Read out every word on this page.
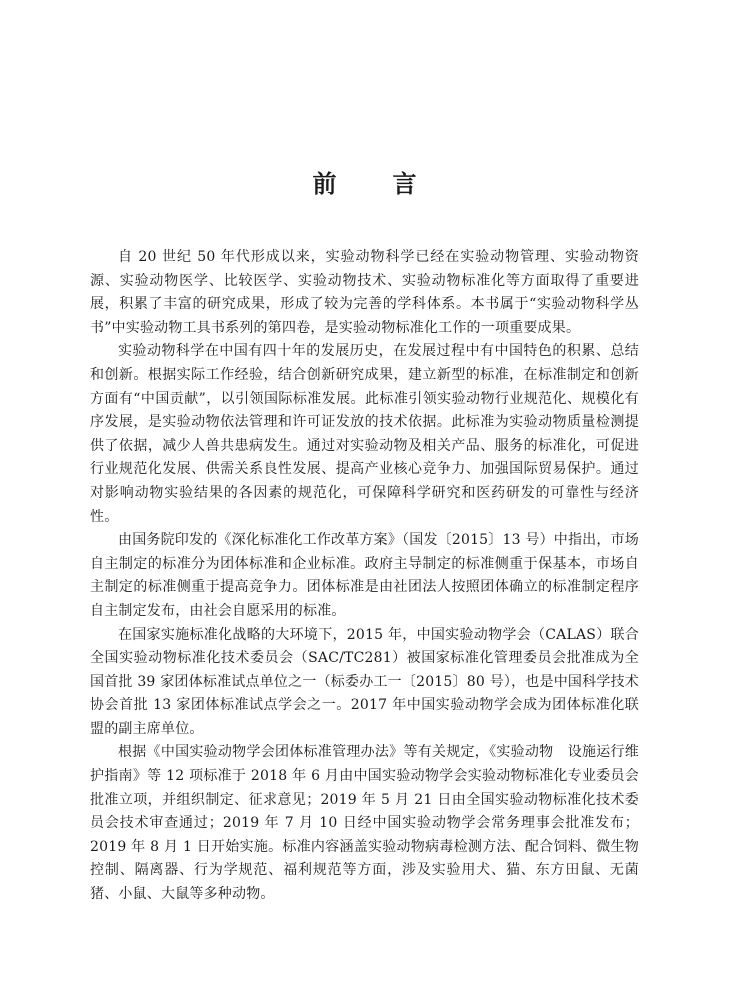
前 言

自 20 世纪 50 年代形成以来，实验动物科学已经在实验动物管理、实验动物资源、实验动物医学、比较医学、实验动物技术、实验动物标准化等方面取得了重要进展，积累了丰富的研究成果，形成了较为完善的学科体系。本书属于“实验动物科学丛书”中实验动物工具书系列的第四卷，是实验动物标准化工作的一项重要成果。

实验动物科学在中国有四十年的发展历史，在发展过程中有中国特色的积累、总结和创新。根据实际工作经验，结合创新研究成果，建立新型的标准，在标准制定和创新方面有“中国贡献”，以引领国际标准发展。此标准引领实验动物行业规范化、规模化有序发展，是实验动物依法管理和许可证发放的技术依据。此标准为实验动物质量检测提供了依据，减少人兽共患病发生。通过对实验动物及相关产品、服务的标准化，可促进行业规范化发展、供需关系良性发展、提高产业核心竞争力、加强国际贸易保护。通过对影响动物实验结果的各因素的规范化，可保障科学研究和医药研发的可靠性与经济性。

由国务院印发的《深化标准化工作改革方案》（国发〔2015〕13 号）中指出，市场自主制定的标准分为团体标准和企业标准。政府主导制定的标准侧重于保基本，市场自主制定的标准侧重于提高竞争力。团体标准是由社团法人按照团体确立的标准制定程序自主制定发布，由社会自愿采用的标准。

在国家实施标准化战略的大环境下，2015 年，中国实验动物学会（CALAS）联合全国实验动物标准化技术委员会（SAC/TC281）被国家标准化管理委员会批准成为全国首批 39 家团体标准试点单位之一（标委办工一〔2015〕80 号），也是中国科学技术协会首批 13 家团体标准试点学会之一。2017 年中国实验动物学会成为团体标准化联盟的副主席单位。

根据《中国实验动物学会团体标准管理办法》等有关规定，《实验动物　设施运行维护指南》等 12 项标准于 2018 年 6 月由中国实验动物学会实验动物标准化专业委员会批准立项，并组织制定、征求意见；2019 年 5 月 21 日由全国实验动物标准化技术委员会技术审查通过；2019 年 7 月 10 日经中国实验动物学会常务理事会批准发布；2019 年 8 月 1 日开始实施。标准内容涵盖实验动物病毒检测方法、配合饲料、微生物控制、隔离器、行为学规范、福利规范等方面，涉及实验用犬、猫、东方田鼠、无菌猪、小鼠、大鼠等多种动物。
